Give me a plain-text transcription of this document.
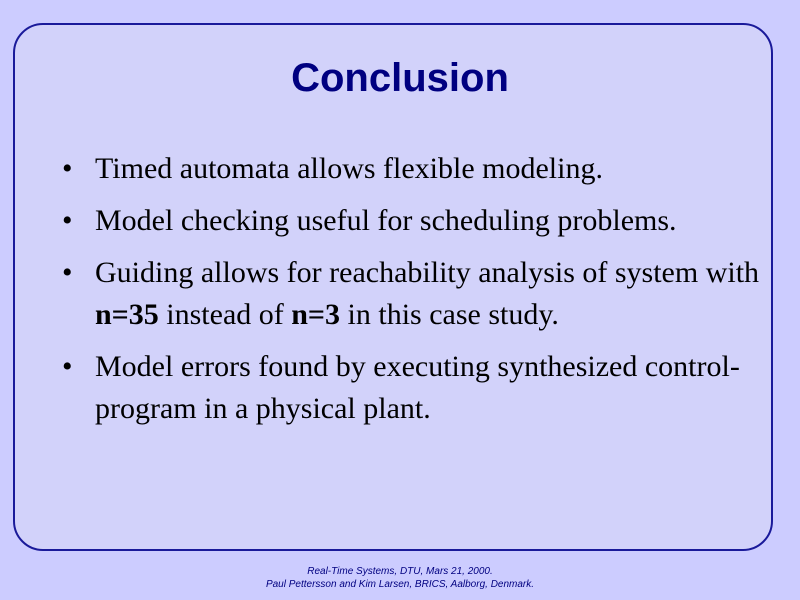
Conclusion
• Timed automata allows flexible modeling.
• Model checking useful for scheduling problems.
• Guiding allows for reachability analysis of system with n=35 instead of n=3 in this case study.
• Model errors found by executing synthesized control-program in a physical plant.
Real-Time Systems, DTU, Mars 21, 2000.
Paul Pettersson and Kim Larsen, BRICS, Aalborg, Denmark.
